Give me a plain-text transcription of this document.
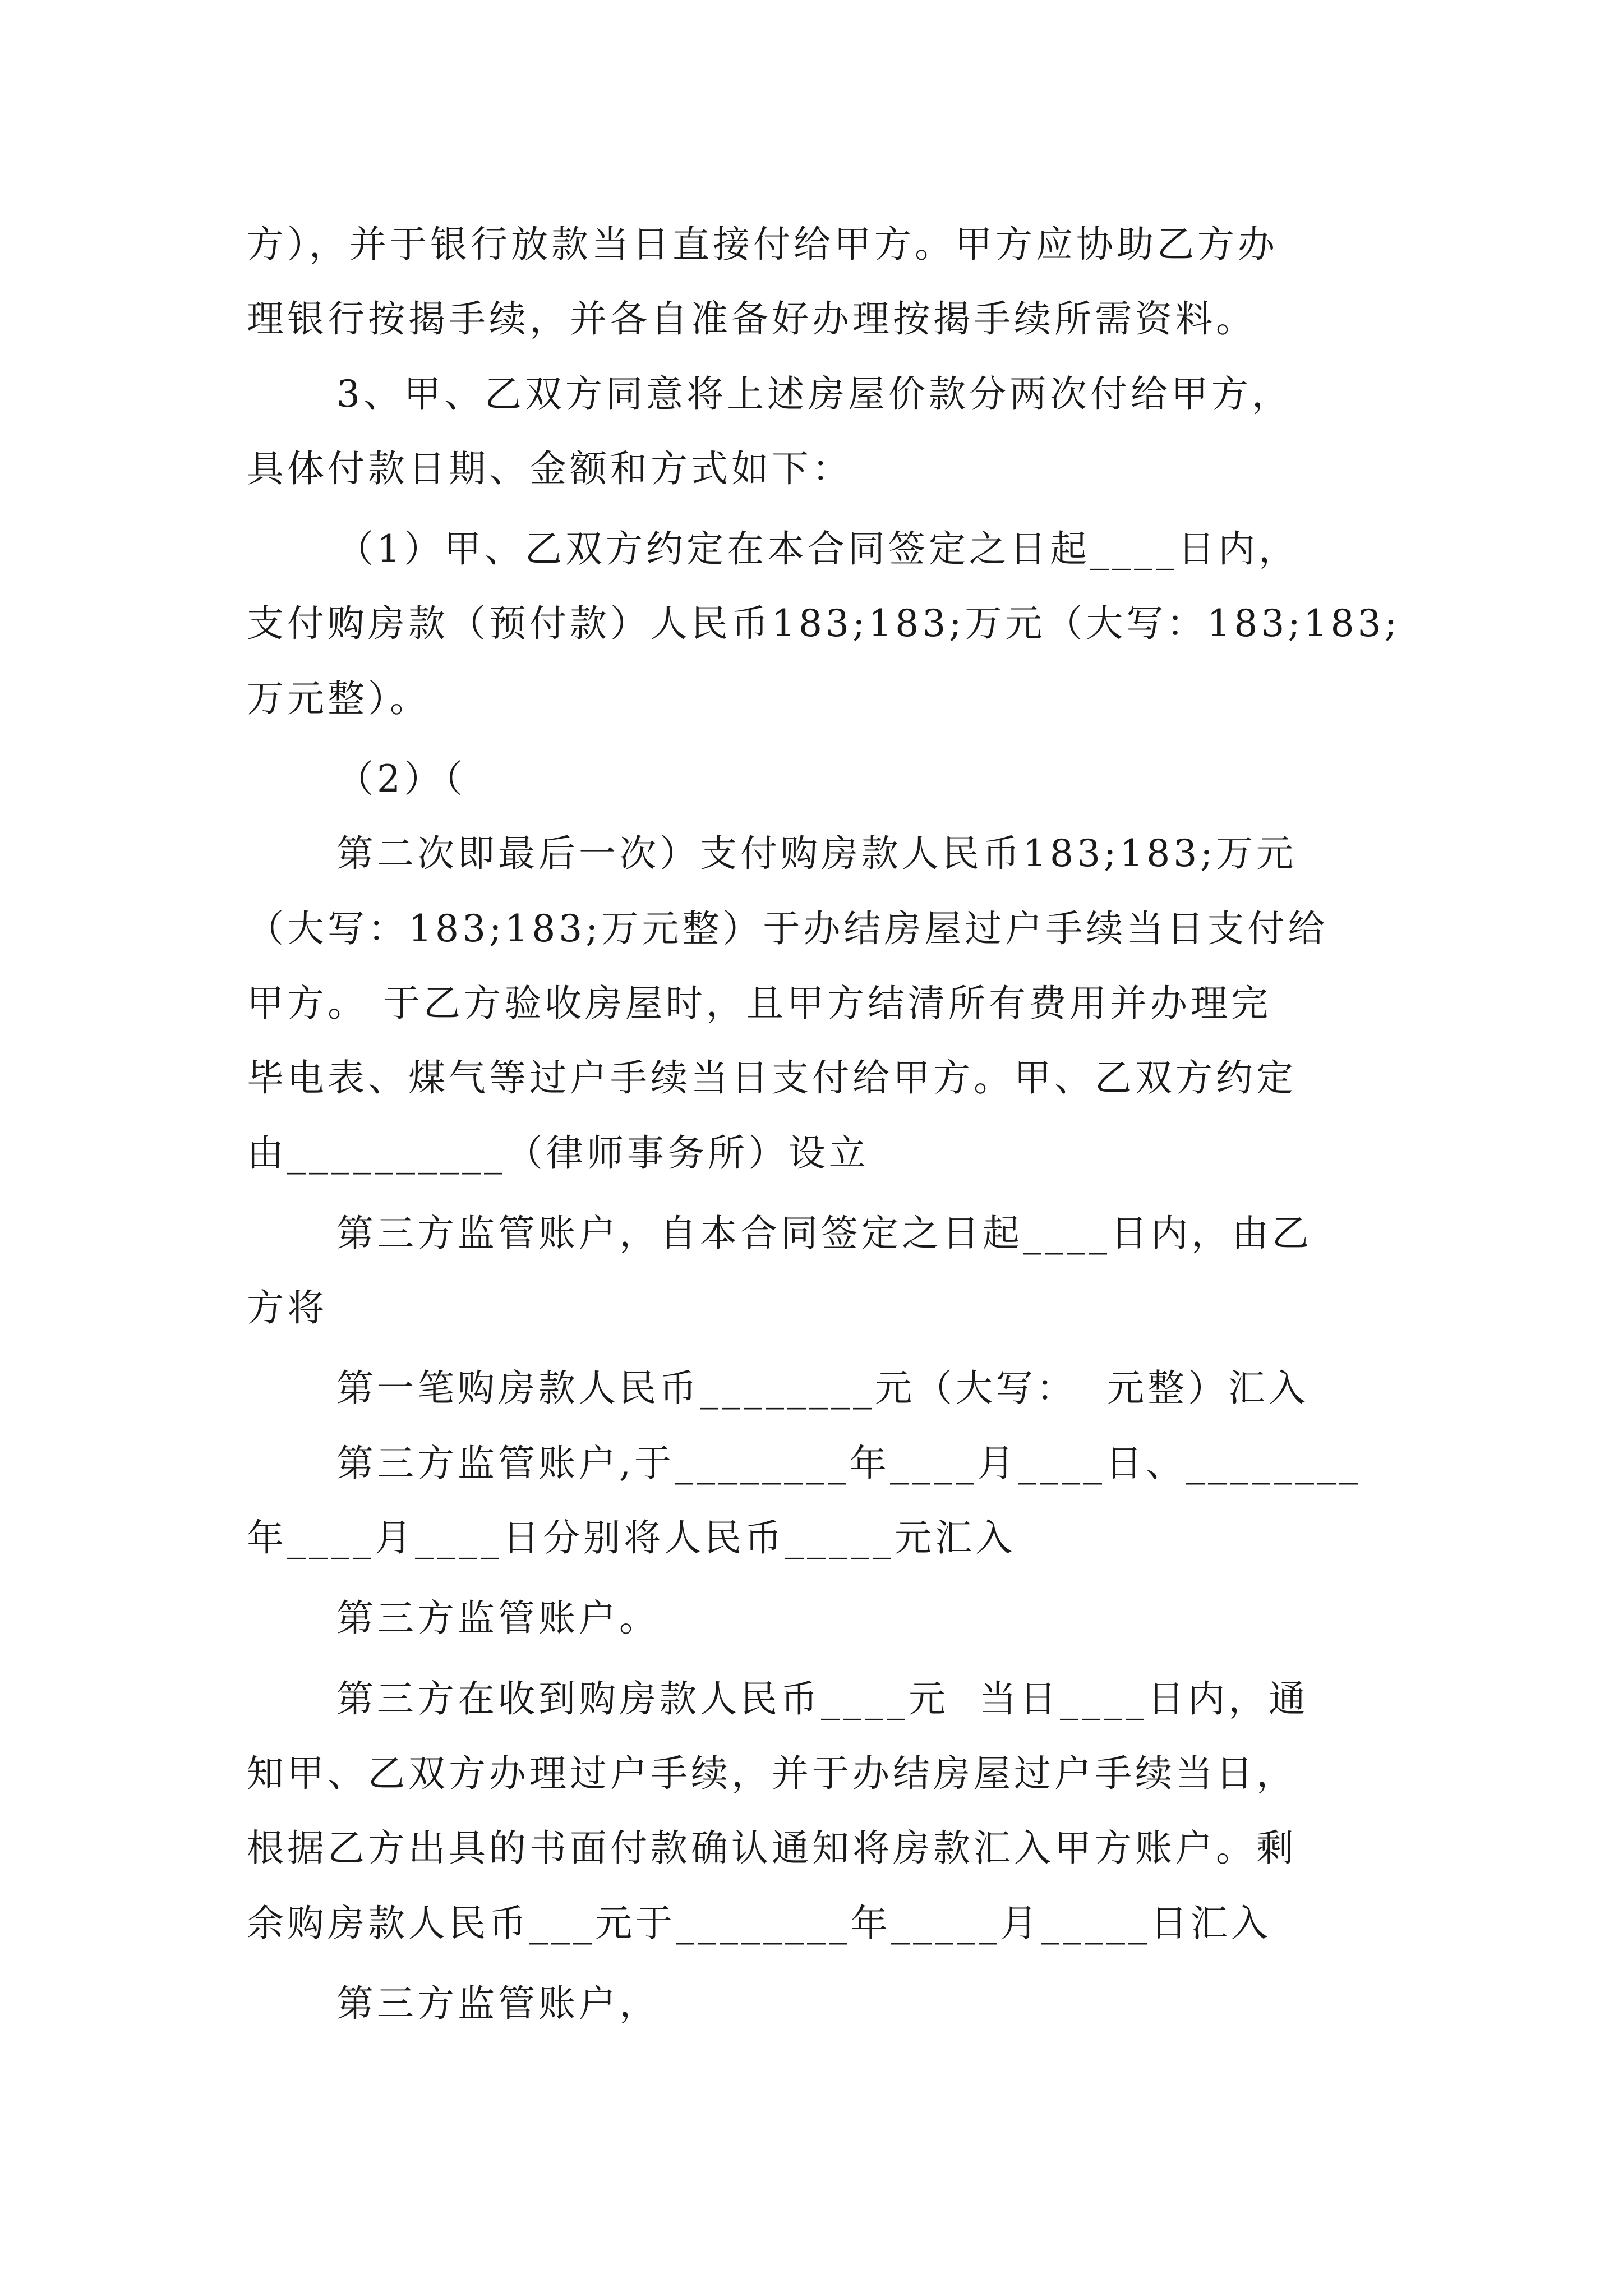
方），并于银行放款当日直接付给甲方。甲方应协助乙方办
理银行按揭手续，并各自准备好办理按揭手续所需资料。
3、甲、乙双方同意将上述房屋价款分两次付给甲方，
具体付款日期、金额和方式如下：
（1）甲、乙双方约定在本合同签定之日起____日内，
支付购房款（预付款）人民币183;183;万元（大写：183;183;
万元整）。
（2）（
第二次即最后一次）支付购房款人民币183;183;万元
（大写：183;183;万元整）于办结房屋过户手续当日支付给
甲方。 于乙方验收房屋时，且甲方结清所有费用并办理完
毕电表、煤气等过户手续当日支付给甲方。甲、乙双方约定
由__________（律师事务所）设立
第三方监管账户，自本合同签定之日起____日内，由乙
方将
第一笔购房款人民币________元（大写：  元整）汇入
第三方监管账户,于________年____月____日、________
年____月____日分别将人民币_____元汇入
第三方监管账户。
第三方在收到购房款人民币____元  当日____日内，通
知甲、乙双方办理过户手续，并于办结房屋过户手续当日，
根据乙方出具的书面付款确认通知将房款汇入甲方账户。剩
余购房款人民币___元于________年_____月_____日汇入
第三方监管账户，
